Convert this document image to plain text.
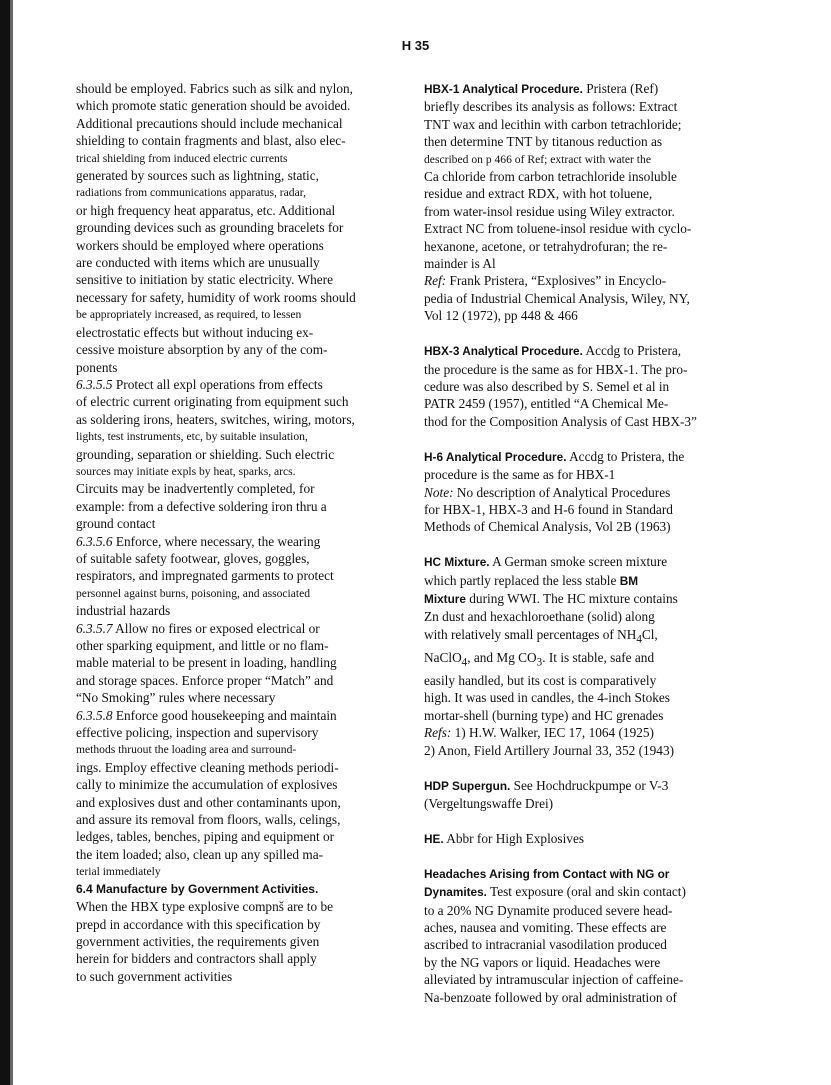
H 35
should be employed. Fabrics such as silk and nylon,
which promote static generation should be avoided.
Additional precautions should include mechanical
shielding to contain fragments and blast, also elec-
trical shielding from induced electric currents
generated by sources such as lightning, static,
radiations from communications apparatus, radar,
or high frequency heat apparatus, etc. Additional
grounding devices such as grounding bracelets for
workers should be employed where operations
are conducted with items which are unusually
sensitive to initiation by static electricity. Where
necessary for safety, humidity of work rooms should
be appropriately increased, as required, to lessen
electrostatic effects but without inducing ex-
cessive moisture absorption by any of the com-
ponents
6.3.5.5 Protect all expl operations from effects
of electric current originating from equipment such
as soldering irons, heaters, switches, wiring, motors,
lights, test instruments, etc, by suitable insulation,
grounding, separation or shielding. Such electric
sources may initiate expls by heat, sparks, arcs.
Circuits may be inadvertently completed, for
example: from a defective soldering iron thru a
ground contact
6.3.5.6 Enforce, where necessary, the wearing
of suitable safety footwear, gloves, goggles,
respirators, and impregnated garments to protect
personnel against burns, poisoning, and associated
industrial hazards
6.3.5.7 Allow no fires or exposed electrical or
other sparking equipment, and little or no flam-
mable material to be present in loading, handling
and storage spaces. Enforce proper “Match” and
“No Smoking” rules where necessary
6.3.5.8 Enforce good housekeeping and maintain
effective policing, inspection and supervisory
methods thruout the loading area and surround-
ings. Employ effective cleaning methods periodi-
cally to minimize the accumulation of explosives
and explosives dust and other contaminants upon,
and assure its removal from floors, walls, celings,
ledges, tables, benches, piping and equipment or
the item loaded; also, clean up any spilled ma-
terial immediately
6.4 Manufacture by Government Activities.
When the HBX type explosive compnš are to be
prepd in accordance with this specification by
government activities, the requirements given
herein for bidders and contractors shall apply
to such government activities
HBX-1 Analytical Procedure. Pristera (Ref)
briefly describes its analysis as follows: Extract
TNT wax and lecithin with carbon tetrachloride;
then determine TNT by titanous reduction as
described on p 466 of Ref; extract with water the
Ca chloride from carbon tetrachloride insoluble
residue and extract RDX, with hot toluene,
from water-insol residue using Wiley extractor.
Extract NC from toluene-insol residue with cyclo-
hexanone, acetone, or tetrahydrofuran; the re-
mainder is Al
Ref: Frank Pristera, “Explosives” in Encyclo-
pedia of Industrial Chemical Analysis, Wiley, NY,
Vol 12 (1972), pp 448 & 466
HBX-3 Analytical Procedure. Accdg to Pristera,
the procedure is the same as for HBX-1. The pro-
cedure was also described by S. Semel et al in
PATR 2459 (1957), entitled “A Chemical Me-
thod for the Composition Analysis of Cast HBX-3”
H-6 Analytical Procedure. Accdg to Pristera, the
procedure is the same as for HBX-1
Note: No description of Analytical Procedures
for HBX-1, HBX-3 and H-6 found in Standard
Methods of Chemical Analysis, Vol 2B (1963)
HC Mixture. A German smoke screen mixture
which partly replaced the less stable BM
Mixture during WWI. The HC mixture contains
Zn dust and hexachloroethane (solid) along
with relatively small percentages of $NH_4Cl$,
NaClO$_4$, and Mg $CO_3$. It is stable, safe and
easily handled, but its cost is comparatively
high. It was used in candles, the 4-inch Stokes
mortar-shell (burning type) and HC grenades
Refs: 1) H.W. Walker, IEC 17, 1064 (1925)
2) Anon, Field Artillery Journal 33, 352 (1943)
HDP Supergun. See Hochdruckpumpe or V-3
(Vergeltungswaffe Drei)
HE. Abbr for High Explosives
Headaches Arising from Contact with NG or
Dynamites. Test exposure (oral and skin contact)
to a 20% NG Dynamite produced severe head-
aches, nausea and vomiting. These effects are
ascribed to intracranial vasodilation produced
by the NG vapors or liquid. Headaches were
alleviated by intramuscular injection of caffeine-
Na-benzoate followed by oral administration of
